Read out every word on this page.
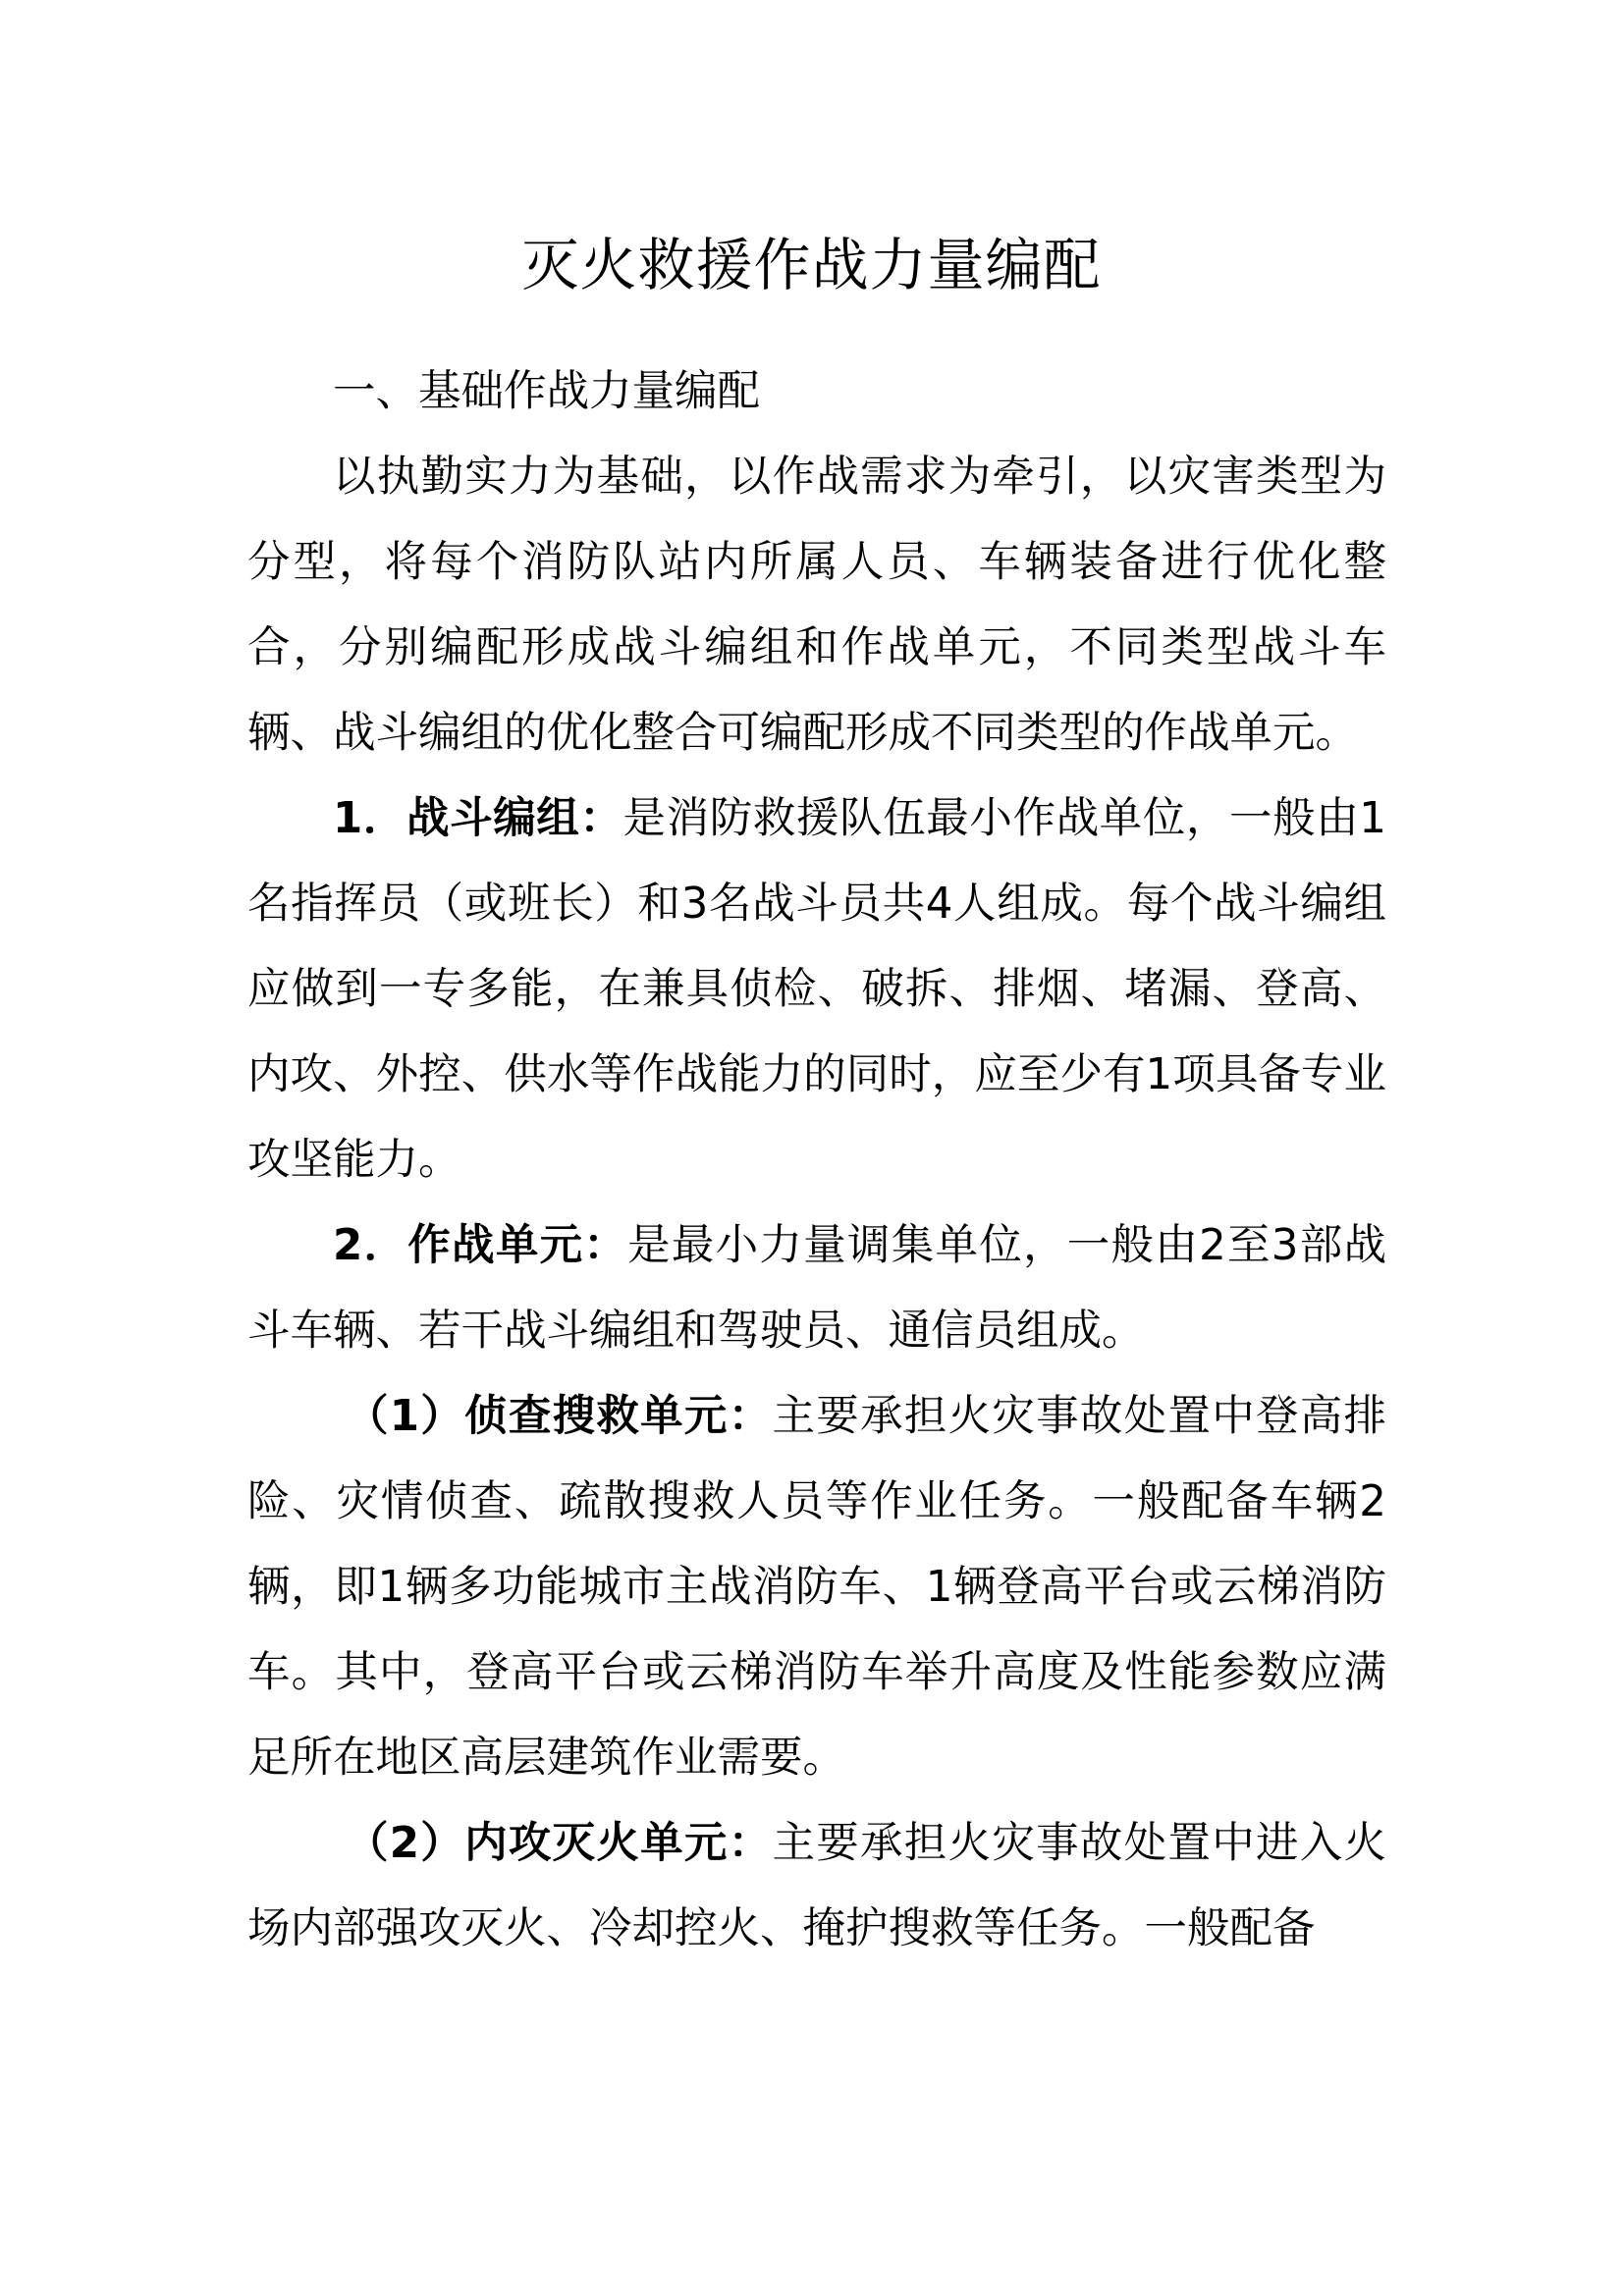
灭火救援作战力量编配

一、基础作战力量编配

以执勤实力为基础，以作战需求为牵引，以灾害类型为分型，将每个消防队站内所属人员、车辆装备进行优化整合，分别编配形成战斗编组和作战单元，不同类型战斗车辆、战斗编组的优化整合可编配形成不同类型的作战单元。

1．战斗编组：是消防救援队伍最小作战单位，一般由1名指挥员（或班长）和3名战斗员共4人组成。每个战斗编组应做到一专多能，在兼具侦检、破拆、排烟、堵漏、登高、内攻、外控、供水等作战能力的同时，应至少有1项具备专业攻坚能力。

2．作战单元：是最小力量调集单位，一般由2至3部战斗车辆、若干战斗编组和驾驶员、通信员组成。

（1）侦查搜救单元：主要承担火灾事故处置中登高排险、灾情侦查、疏散搜救人员等作业任务。一般配备车辆2辆，即1辆多功能城市主战消防车、1辆登高平台或云梯消防车。其中，登高平台或云梯消防车举升高度及性能参数应满足所在地区高层建筑作业需要。

（2）内攻灭火单元：主要承担火灾事故处置中进入火场内部强攻灭火、冷却控火、掩护搜救等任务。一般配备
